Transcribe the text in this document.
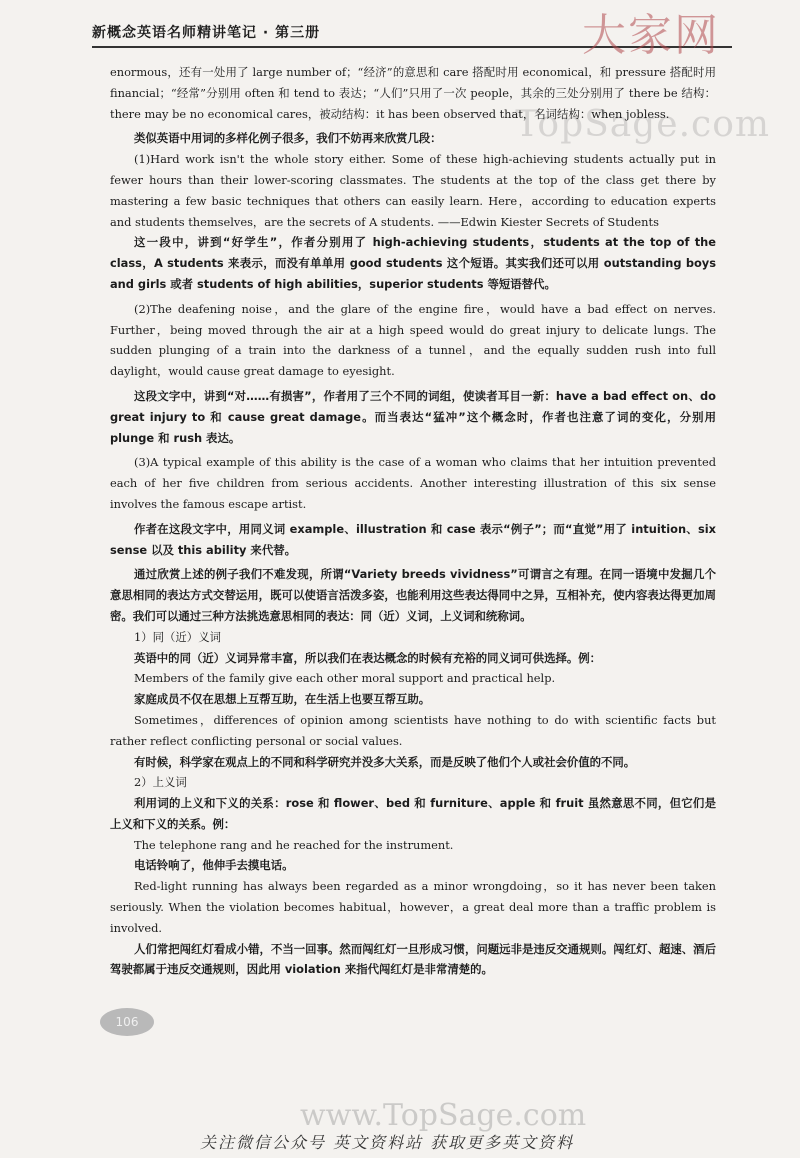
新概念英语名师精讲笔记 · 第三册	大家网
TopSage.com

enormous，还有一处用了 large number of；“经济”的意思和 care 搭配时用 economical，和 pressure 搭配时用 financial；“经常”分别用 often 和 tend to 表达；“人们”只用了一次 people，其余的三处分别用了 there be 结构：there may be no economical cares，被动结构：it has been observed that，名词结构：when jobless.

类似英语中用词的多样化例子很多，我们不妨再来欣赏几段：

(1)Hard work isn't the whole story either. Some of these high-achieving students actually put in fewer hours than their lower-scoring classmates. The students at the top of the class get there by mastering a few basic techniques that others can easily learn. Here，according to education experts and students themselves，are the secrets of A students. ——Edwin Kiester Secrets of Students

这一段中，讲到“好学生”，作者分别用了 high-achieving students，students at the top of the class，A students 来表示，而没有单单用 good students 这个短语。其实我们还可以用 outstanding boys and girls 或者 students of high abilities，superior students 等短语替代。

(2)The deafening noise，and the glare of the engine fire，would have a bad effect on nerves. Further，being moved through the air at a high speed would do great injury to delicate lungs. The sudden plunging of a train into the darkness of a tunnel，and the equally sudden rush into full daylight，would cause great damage to eyesight.

这段文字中，讲到“对……有损害”，作者用了三个不同的词组，使读者耳目一新：have a bad effect on、do great injury to 和 cause great damage。而当表达“猛冲”这个概念时，作者也注意了词的变化，分别用 plunge 和 rush 表达。

(3)A typical example of this ability is the case of a woman who claims that her intuition prevented each of her five children from serious accidents. Another interesting illustration of this six sense involves the famous escape artist.

作者在这段文字中，用同义词 example、illustration 和 case 表示“例子”；而“直觉”用了 intuition、six sense 以及 this ability 来代替。

通过欣赏上述的例子我们不难发现，所谓“Variety breeds vividness”可谓言之有理。在同一语境中发掘几个意思相同的表达方式交替运用，既可以使语言活泼多姿，也能利用这些表达得同中之异，互相补充，使内容表达得更加周密。我们可以通过三种方法挑选意思相同的表达：同（近）义词，上义词和统称词。

1）同（近）义词

英语中的同（近）义词异常丰富，所以我们在表达概念的时候有充裕的同义词可供选择。例：

Members of the family give each other moral support and practical help.

家庭成员不仅在思想上互帮互助，在生活上也要互帮互助。

Sometimes，differences of opinion among scientists have nothing to do with scientific facts but rather reflect conflicting personal or social values.

有时候，科学家在观点上的不同和科学研究并没多大关系，而是反映了他们个人或社会价值的不同。

2）上义词

利用词的上义和下义的关系：rose 和 flower、bed 和 furniture、apple 和 fruit 虽然意思不同，但它们是上义和下义的关系。例：

The telephone rang and he reached for the instrument.

电话铃响了，他伸手去摸电话。

Red-light running has always been regarded as a minor wrongdoing，so it has never been taken seriously. When the violation becomes habitual，however，a great deal more than a traffic problem is involved.

人们常把闯红灯看成小错，不当一回事。然而闯红灯一旦形成习惯，问题远非是违反交通规则。闯红灯、超速、酒后驾驶都属于违反交通规则，因此用 violation 来指代闯红灯是非常清楚的。

106
www.TopSage.com
关注微信公众号 英文资料站 获取更多英文资料
